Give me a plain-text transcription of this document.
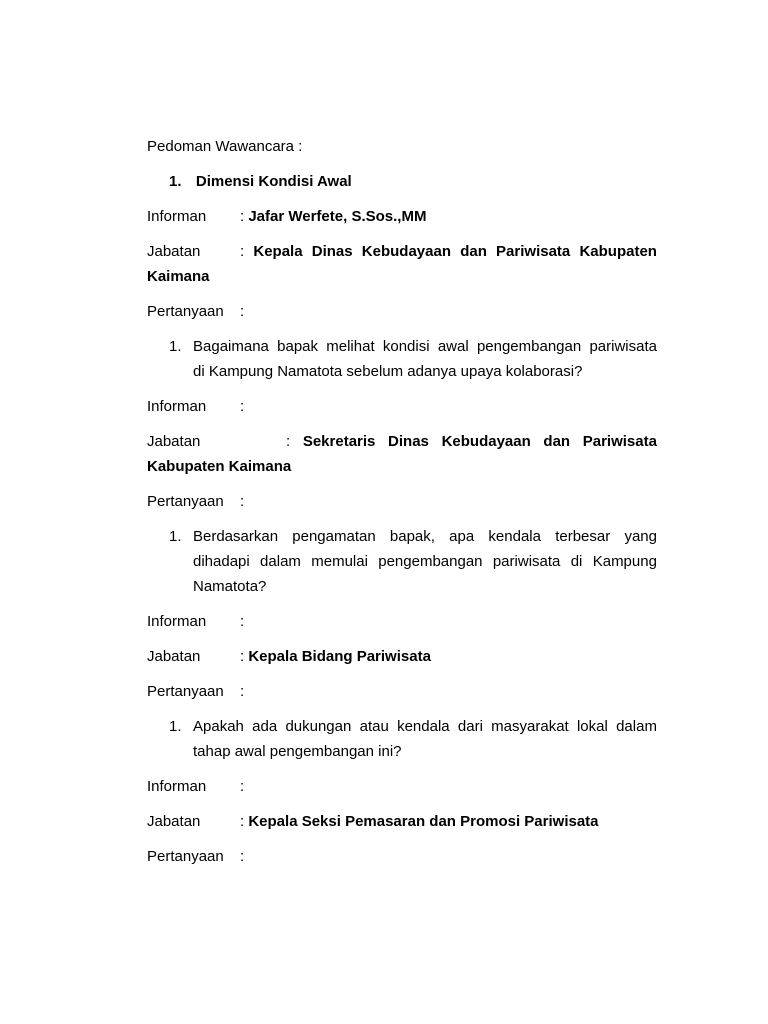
Pedoman Wawancara :
1. Dimensi Kondisi Awal
Informan : Jafar Werfete, S.Sos.,MM
Jabatan	: Kepala Dinas Kebudayaan dan Pariwisata Kabupaten
Kaimana
Pertanyaan :
1. Bagaimana bapak melihat kondisi awal pengembangan pariwisata
di Kampung Namatota sebelum adanya upaya kolaborasi?
Informan :
Jabatan	: Sekretaris Dinas Kebudayaan dan Pariwisata
Kabupaten Kaimana
Pertanyaan :
1. Berdasarkan pengamatan bapak, apa kendala terbesar yang
dihadapi dalam memulai pengembangan pariwisata di Kampung
Namatota?
Informan :
Jabatan	: Kepala Bidang Pariwisata
Pertanyaan :
1. Apakah ada dukungan atau kendala dari masyarakat lokal dalam
tahap awal pengembangan ini?
Informan :
Jabatan	: Kepala Seksi Pemasaran dan Promosi Pariwisata
Pertanyaan :
